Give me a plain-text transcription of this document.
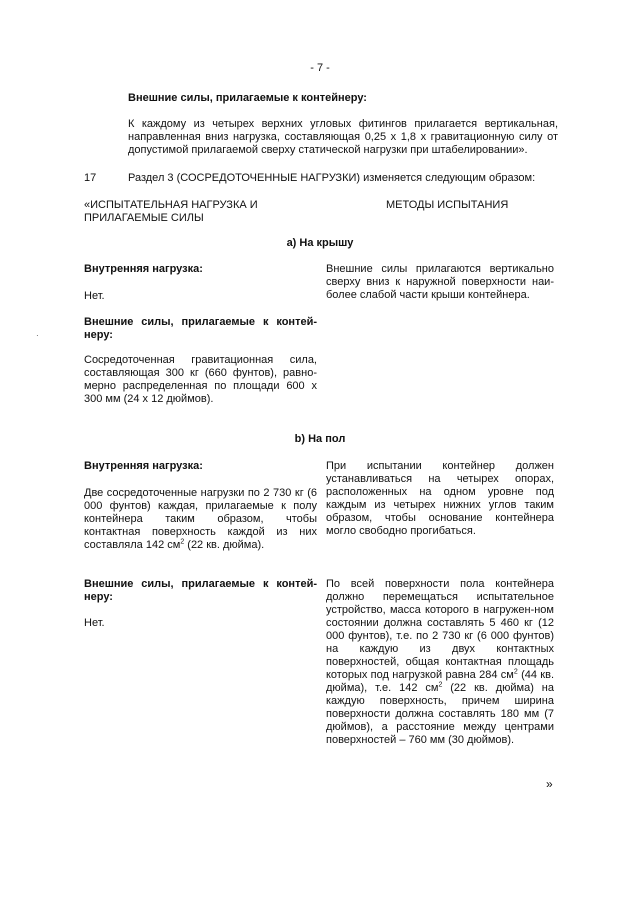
- 7 -

Внешние силы, прилагаемые к контейнеру:

К каждому из четырех верхних угловых фитингов прилагается вертикальная, направленная вниз нагрузка, составляющая 0,25 x 1,8 x гравитационную силу от допустимой прилагаемой сверху статической нагрузки при штабелировании».

17	Раздел 3 (СОСРЕДОТОЧЕННЫЕ НАГРУЗКИ) изменяется следующим образом:

«ИСПЫТАТЕЛЬНАЯ НАГРУЗКА И ПРИЛАГАЕМЫЕ СИЛЫ

МЕТОДЫ ИСПЫТАНИЯ

a) На крышу

Внутренняя нагрузка:

Нет.

Внешние силы, прилагаемые к контей-неру:

Сосредоточенная гравитационная сила, составляющая 300 кг (660 фунтов), равно-мерно распределенная по площади 600 x 300 мм (24 x 12 дюймов).

Внешние силы прилагаются вертикально сверху вниз к наружной поверхности наи-более слабой части крыши контейнера.

·

b) На пол

Внутренняя нагрузка:

Две сосредоточенные нагрузки по 2 730 кг (6 000 фунтов) каждая, прилагаемые к полу контейнера таким образом, чтобы контактная поверхность каждой из них составляла 142 $см^2$ (22 кв. дюйма).

При испытании контейнер должен устанавливаться на четырех опорах, расположенных на одном уровне под каждым из четырех нижних углов таким образом, чтобы основание контейнера могло свободно прогибаться.

Внешние силы, прилагаемые к контей-неру:

Нет.

По всей поверхности пола контейнера должно перемещаться испытательное устройство, масса которого в нагружен-ном состоянии должна составлять 5 460 кг (12 000 фунтов), т.е. по 2 730 кг (6 000 фунтов) на каждую из двух контактных поверхностей, общая контактная площадь которых под нагрузкой равна 284 $см^2$ (44 кв. дюйма), т.е. 142 $см^2$ (22 кв. дюйма) на каждую поверхность, причем ширина поверхности должна составлять 180 мм (7 дюймов), а расстояние между центрами поверхностей – 760 мм (30 дюймов).

»
